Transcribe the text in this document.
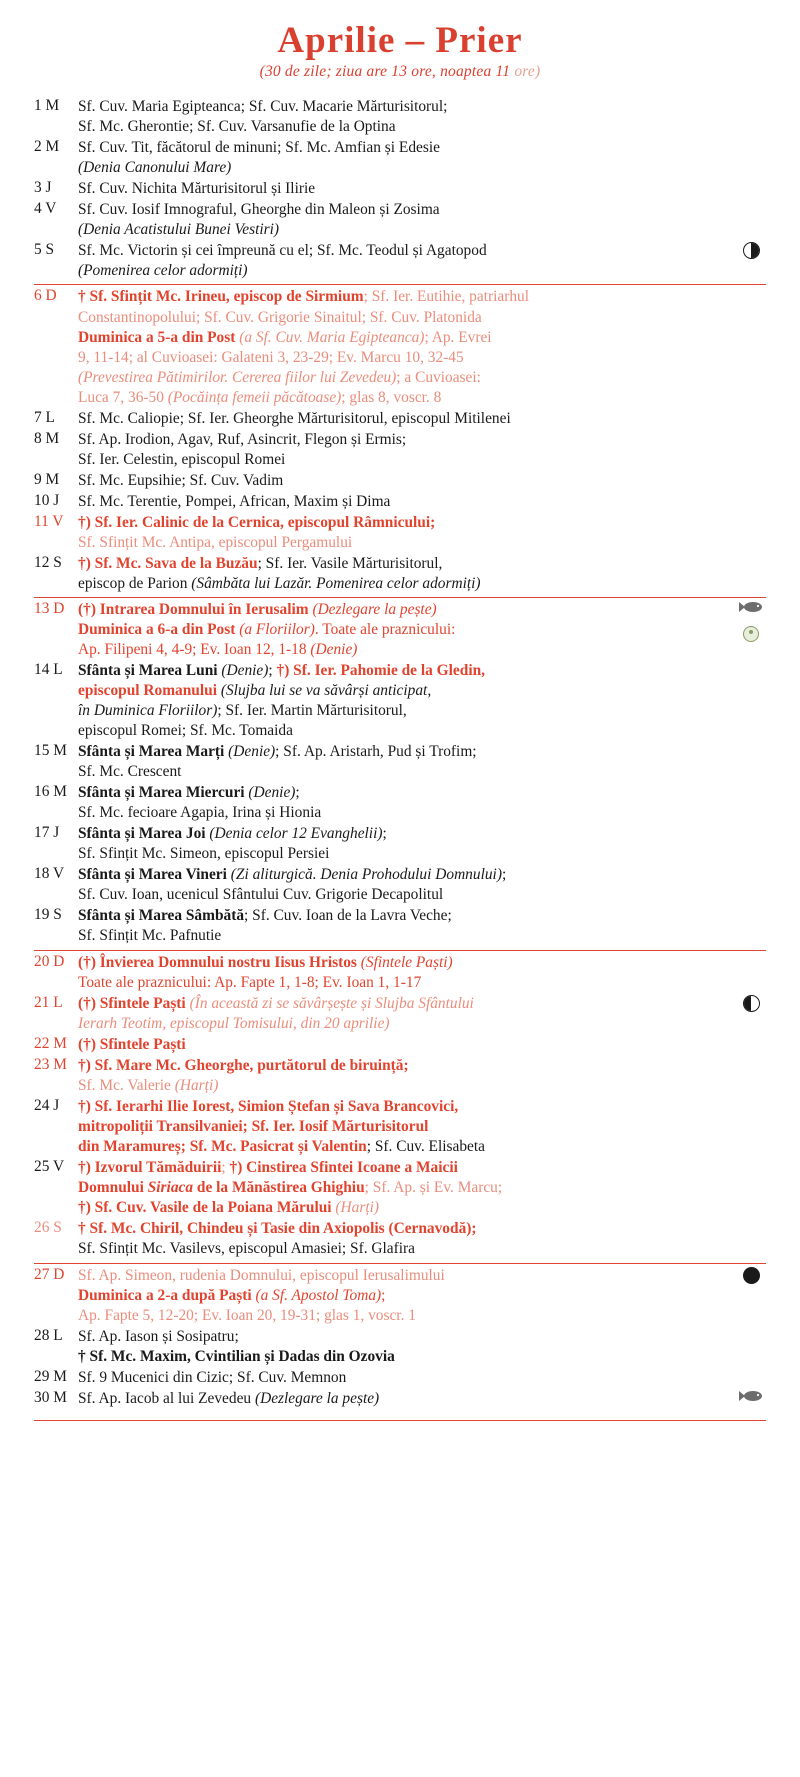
Aprilie – Prier
(30 de zile; ziua are 13 ore, noaptea 11 ore)
1 M	Sf. Cuv. Maria Egipteanca; Sf. Cuv. Macarie Mărturisitorul;
Sf. Mc. Gherontie; Sf. Cuv. Varsanufie de la Optina	

2 M	Sf. Cuv. Tit, făcătorul de minuni; Sf. Mc. Amfian și Edesie
(Denia Canonului Mare)	

3 J	Sf. Cuv. Nichita Mărturisitorul și Ilirie	

4 V	Sf. Cuv. Iosif Imnograful, Gheorghe din Maleon și Zosima
(Denia Acatistului Bunei Vestiri)	

5 S	Sf. Mc. Victorin și cei împreună cu el; Sf. Mc. Teodul și Agatopod
(Pomenirea celor adormiți)	

6 D	† Sf. Sfințit Mc. Irineu, episcop de Sirmium; Sf. Ier. Eutihie, patriarhul
Constantinopolului; Sf. Cuv. Grigorie Sinaitul; Sf. Cuv. Platonida
Duminica a 5-a din Post (a Sf. Cuv. Maria Egipteanca); Ap. Evrei
9, 11-14; al Cuvioasei: Galateni 3, 23-29; Ev. Marcu 10, 32-45
(Prevestirea Pătimirilor. Cererea fiilor lui Zevedeu); a Cuvioasei:
Luca 7, 36-50 (Pocăința femeii păcătoase); glas 8, voscr. 8

7 L	Sf. Mc. Caliopie; Sf. Ier. Gheorghe Mărturisitorul, episcopul Mitilenei	

8 M	Sf. Ap. Irodion, Agav, Ruf, Asincrit, Flegon și Ermis;
Sf. Ier. Celestin, episcopul Romei	

9 M	Sf. Mc. Eupsihie; Sf. Cuv. Vadim	

10 J	Sf. Mc. Terentie, Pompei, African, Maxim și Dima	

11 V	†) Sf. Ier. Calinic de la Cernica, episcopul Râmnicului;
Sf. Sfințit Mc. Antipa, episcopul Pergamului	

12 S	†) Sf. Mc. Sava de la Buzău; Sf. Ier. Vasile Mărturisitorul,
episcop de Parion (Sâmbăta lui Lazăr. Pomenirea celor adormiți)	

13 D	(†) Intrarea Domnului în Ierusalim (Dezlegare la pește)
Duminica a 6-a din Post (a Floriilor). Toate ale praznicului:
Ap. Filipeni 4, 4-9; Ev. Ioan 12, 1-18 (Denie)

14 L	Sfânta și Marea Luni (Denie); †) Sf. Ier. Pahomie de la Gledin,
episcopul Romanului (Slujba lui se va săvârși anticipat,
în Duminica Floriilor); Sf. Ier. Martin Mărturisitorul,
episcopul Romei; Sf. Mc. Tomaida	

15 M	Sfânta și Marea Marți (Denie); Sf. Ap. Aristarh, Pud și Trofim;
Sf. Mc. Crescent	

16 M	Sfânta și Marea Miercuri (Denie);
Sf. Mc. fecioare Agapia, Irina și Hionia	

17 J	Sfânta și Marea Joi (Denia celor 12 Evanghelii);
Sf. Sfințit Mc. Simeon, episcopul Persiei	

18 V	Sfânta și Marea Vineri (Zi aliturgică. Denia Prohodului Domnului);
Sf. Cuv. Ioan, ucenicul Sfântului Cuv. Grigorie Decapolitul	

19 S	Sfânta și Marea Sâmbătă; Sf. Cuv. Ioan de la Lavra Veche;
Sf. Sfințit Mc. Pafnutie	

20 D	(†) Învierea Domnului nostru Iisus Hristos (Sfintele Paști)
Toate ale praznicului: Ap. Fapte 1, 1-8; Ev. Ioan 1, 1-17	

21 L	(†) Sfintele Paști (În această zi se săvârșește și Slujba Sfântului
Ierarh Teotim, episcopul Tomisului, din 20 aprilie)	

22 M	(†) Sfintele Paști	

23 M	†) Sf. Mare Mc. Gheorghe, purtătorul de biruință;
Sf. Mc. Valerie (Harți)	

24 J	†) Sf. Ierarhi Ilie Iorest, Simion Ștefan și Sava Brancovici,
mitropoliții Transilvaniei; Sf. Ier. Iosif Mărturisitorul
din Maramureș; Sf. Mc. Pasicrat și Valentin; Sf. Cuv. Elisabeta	

25 V	†) Izvorul Tămăduirii; †) Cinstirea Sfintei Icoane a Maicii
Domnului Siriaca de la Mănăstirea Ghighiu; Sf. Ap. și Ev. Marcu;
†) Sf. Cuv. Vasile de la Poiana Mărului (Harți)	

26 S	† Sf. Mc. Chiril, Chindeu și Tasie din Axiopolis (Cernavodă);
Sf. Sfințit Mc. Vasilevs, episcopul Amasiei; Sf. Glafira	

27 D	Sf. Ap. Simeon, rudenia Domnului, episcopul Ierusalimului
Duminica a 2-a după Paști (a Sf. Apostol Toma);
Ap. Fapte 5, 12-20; Ev. Ioan 20, 19-31; glas 1, voscr. 1	

28 L	Sf. Ap. Iason și Sosipatru;
† Sf. Mc. Maxim, Cvintilian și Dadas din Ozovia	

29 M	Sf. 9 Mucenici din Cizic; Sf. Cuv. Memnon	

30 M	Sf. Ap. Iacob al lui Zevedeu (Dezlegare la pește)
